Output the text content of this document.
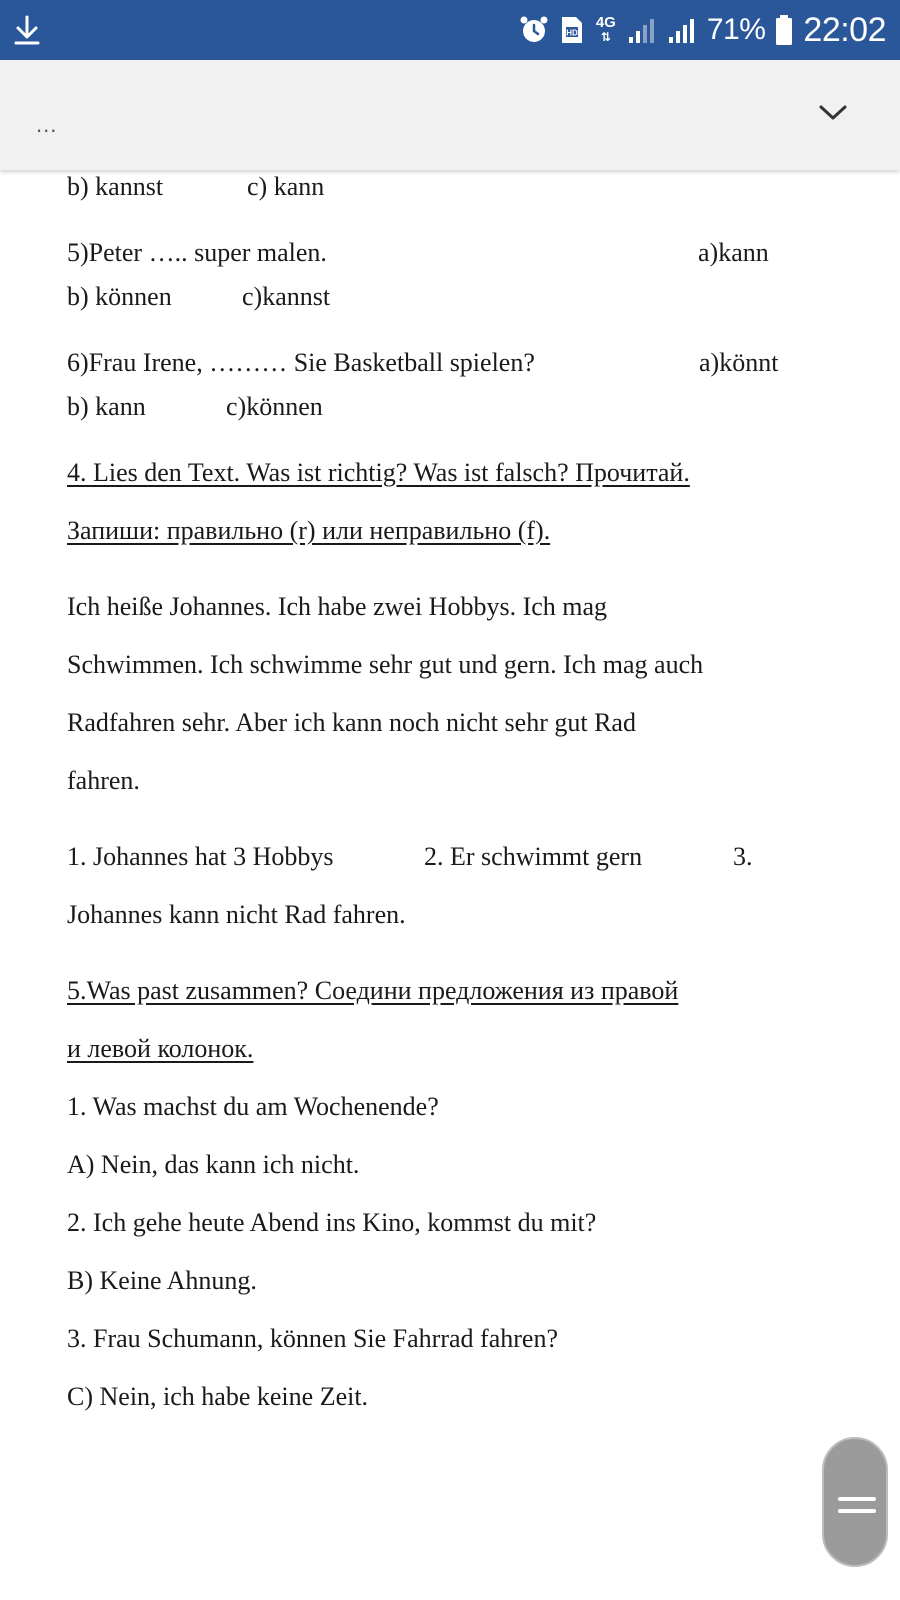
HD
4G
⇅	71% 22:02
...
b) kannst	c) kann
5)Peter ….. super malen.	a)kann
b) können	c)kannst
6)Frau Irene, ……… Sie Basketball spielen?	a)könnt
b) kann	c)können
4. Lies den Text. Was ist richtig? Was ist falsch? Прочитай.
Запиши: правильно (r) или неправильно (f).
Ich heiße Johannes. Ich habe zwei Hobbys. Ich mag
Schwimmen. Ich schwimme sehr gut und gern. Ich mag auch
Radfahren sehr. Aber ich kann noch nicht sehr gut Rad
fahren.
1. Johannes hat 3 Hobbys	2. Er schwimmt gern	3.
Johannes kann nicht Rad fahren.
5.Was past zusammen? Соедини предложения из правой
и левой колонок.
1. Was machst du am Wochenende?
A) Nein, das kann ich nicht.
2. Ich gehe heute Abend ins Kino, kommst du mit?
B) Keine Ahnung.
3. Frau Schumann, können Sie Fahrrad fahren?
C) Nein, ich habe keine Zeit.
